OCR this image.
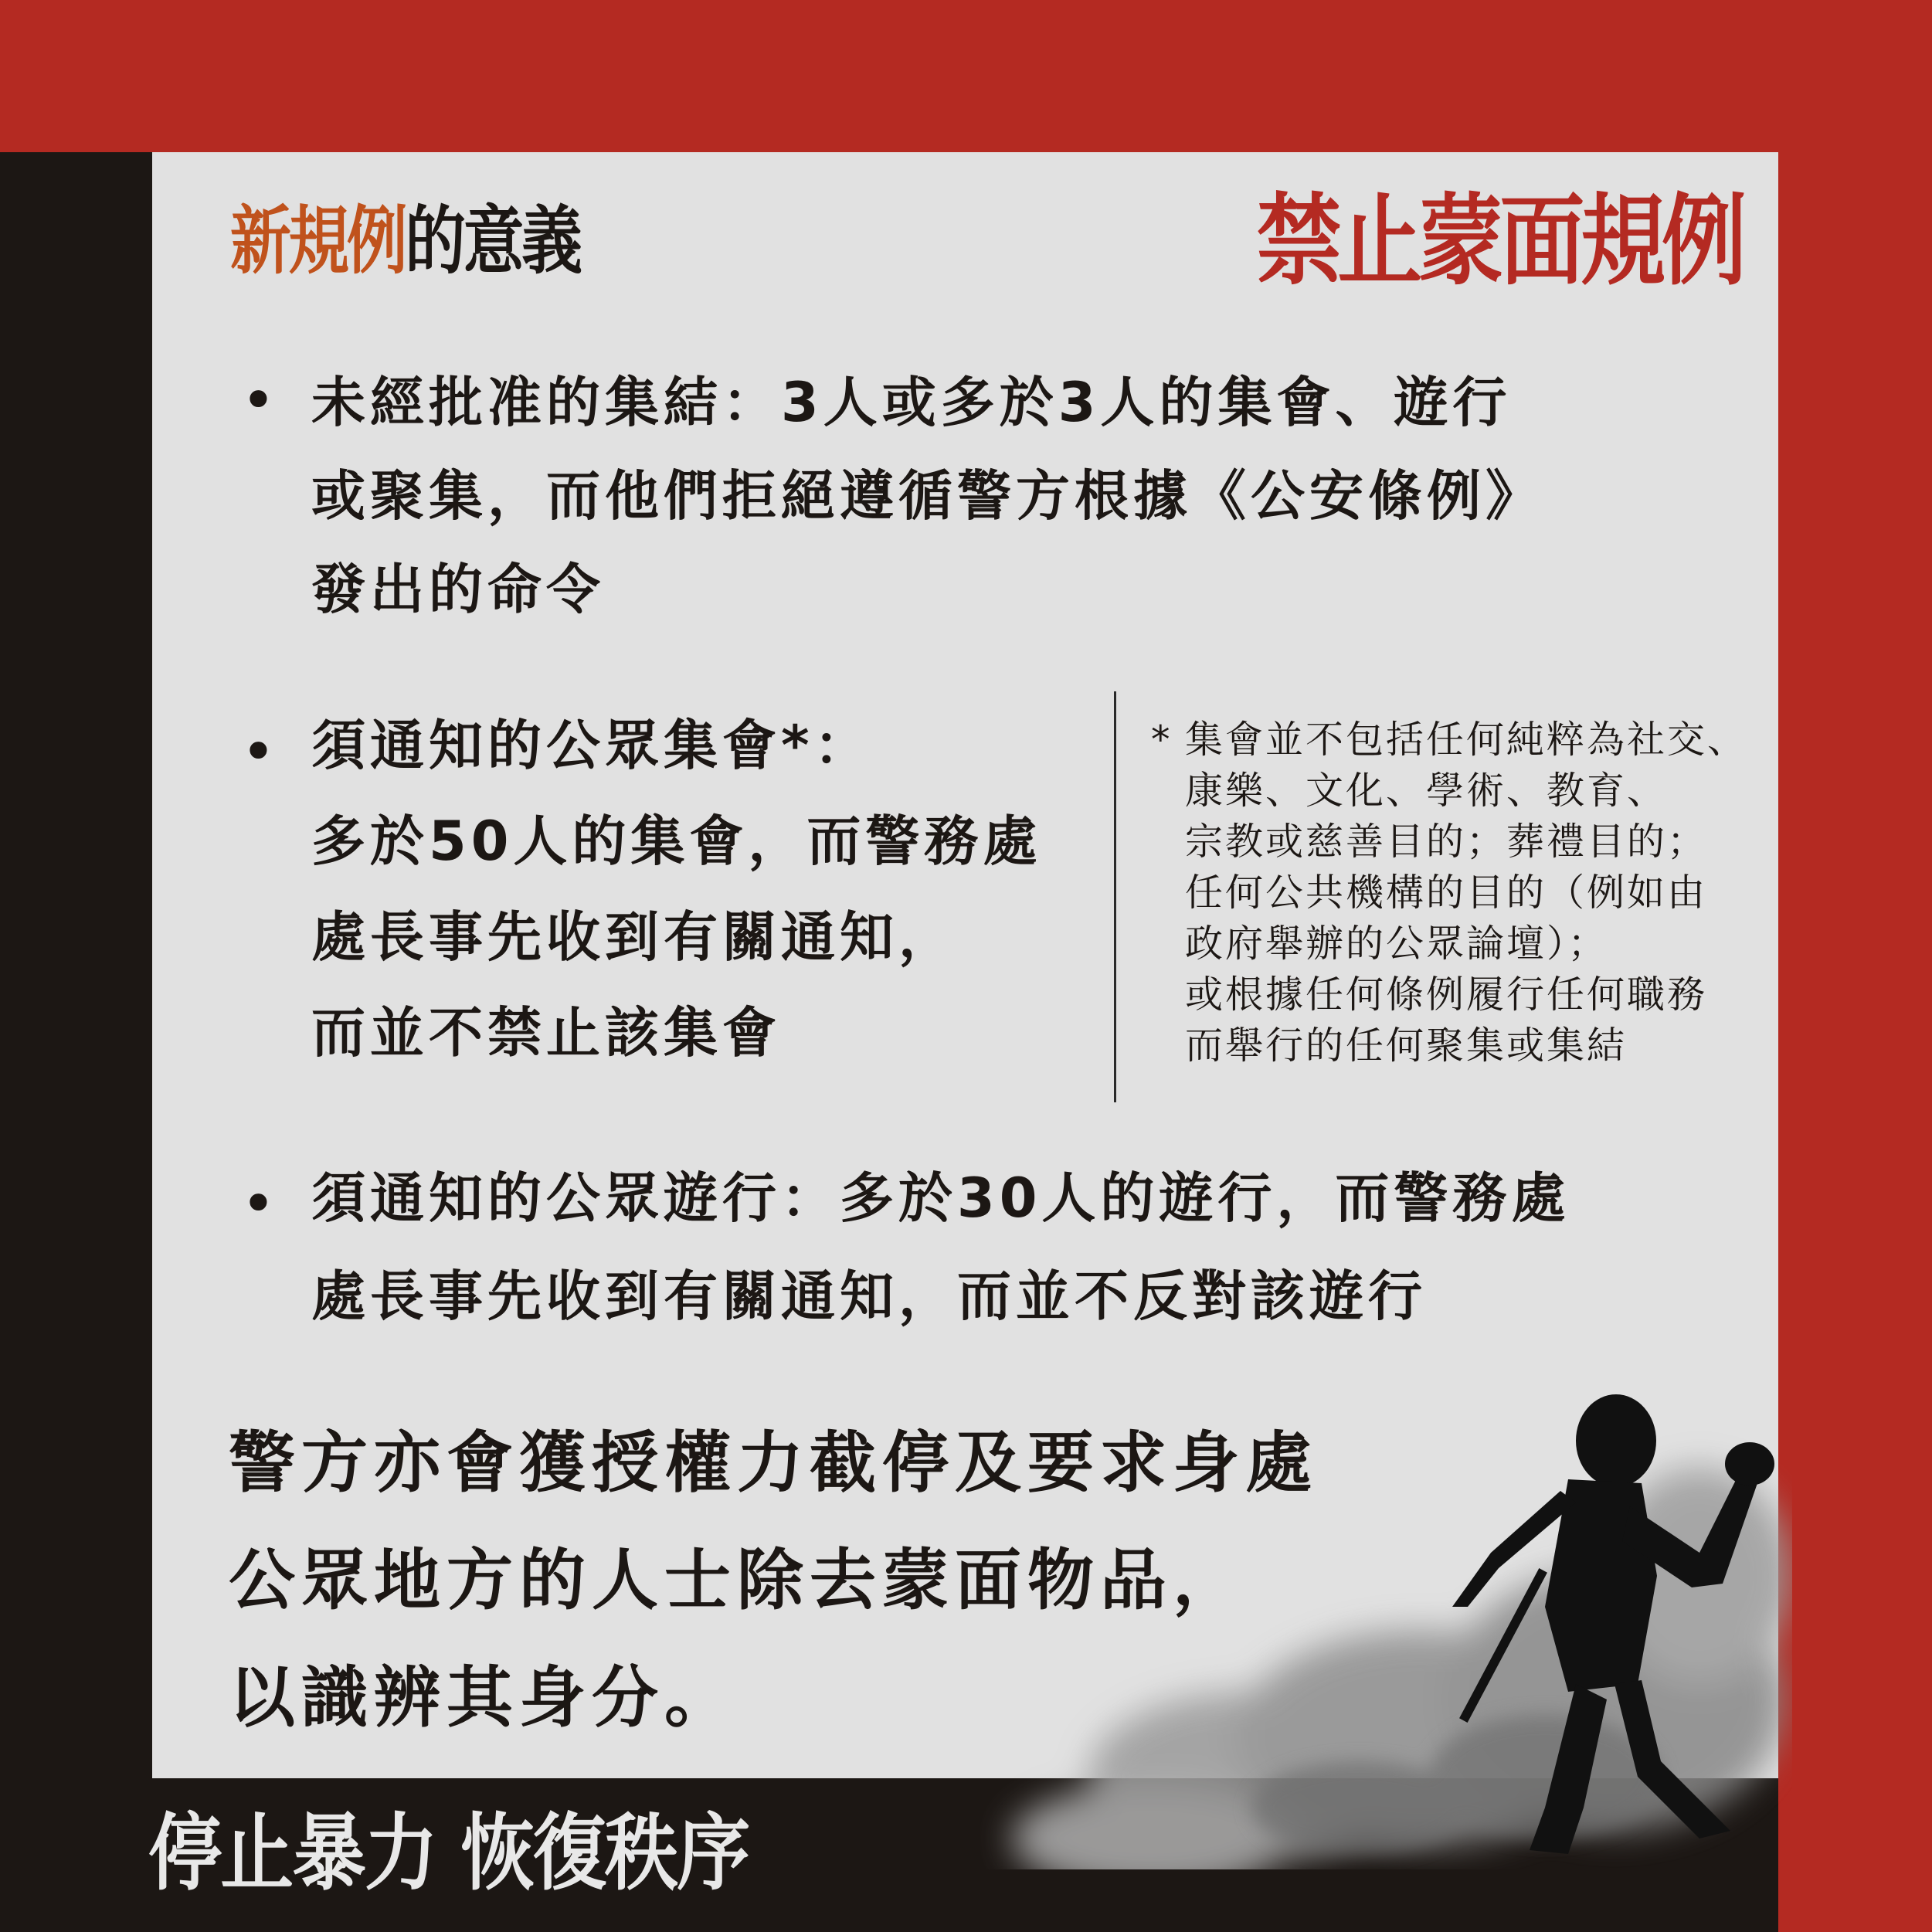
新規例的意義	禁止蒙面規例
• 未經批准的集結：3人或多於3人的集會、遊行
或聚集，而他們拒絕遵循警方根據《公安條例》
發出的命令

• 須通知的公眾集會*：
多於50人的集會，而警務處
處長事先收到有關通知，
而並不禁止該集會

* 集會並不包括任何純粹為社交、
康樂、文化、學術、教育、
宗教或慈善目的；葬禮目的；
任何公共機構的目的（例如由
政府舉辦的公眾論壇）；
或根據任何條例履行任何職務
而舉行的任何聚集或集結
• 須通知的公眾遊行：多於30人的遊行，而警務處
處長事先收到有關通知，而並不反對該遊行

警方亦會獲授權力截停及要求身處
公眾地方的人士除去蒙面物品，
以識辨其身分。

停止暴力 恢復秩序
